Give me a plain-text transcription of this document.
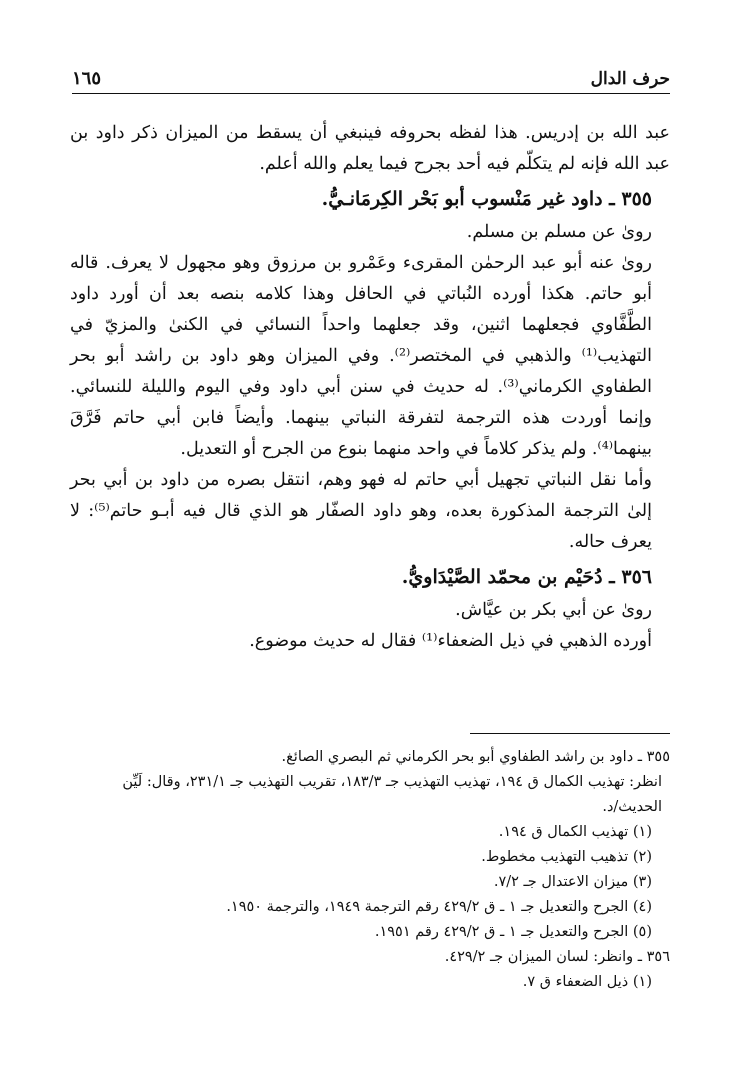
حرف الدال
١٦٥

عبد الله بن إدريس. هذا لفظه بحروفه فينبغي أن يسقط من الميزان ذكر داود بن عبد الله فإنه لم يتكلّم فيه أحد بجرح فيما يعلم والله أعلم.

٣٥٥ ـ داود غير مَنْسوب أبو بَحْر الكِرمَانـيُّ.

روىٰ عن مسلم بن مسلم.

روىٰ عنه أبو عبد الرحمٰن المقرىء وعَمْرو بن مرزوق وهو مجهول لا يعرف. قاله أبو حاتم. هكذا أورده النُباتي في الحافل وهذا كلامه بنصه بعد أن أورد داود الطَّفَّاوي فجعلهما اثنين، وقد جعلهما واحداً النسائي في الكنىٰ والمزيّ في التهذيب⁽¹⁾ والذهبي في المختصر⁽²⁾. وفي الميزان وهو داود بن راشد أبو بحر الطفاوي الكرماني⁽³⁾. له حديث في سنن أبي داود وفي اليوم والليلة للنسائي. وإنما أوردت هذه الترجمة لتفرقة النباتي بينهما. وأيضاً فابن أبي حاتم فَرَّقَ بينهما⁽⁴⁾. ولم يذكر كلاماً في واحد منهما بنوع من الجرح أو التعديل.

وأما نقل النباتي تجهيل أبي حاتم له فهو وهم، انتقل بصره من داود بن أبي بحر إلىٰ الترجمة المذكورة بعده، وهو داود الصفّار هو الذي قال فيه أبـو حاتم⁽⁵⁾: لا يعرف حاله.

٣٥٦ ـ دُحَيْم بن محمّد الصَّيْدَاويُّ.

روىٰ عن أبي بكر بن عيَّاش.

أورده الذهبي في ذيل الضعفاء⁽¹⁾ فقال له حديث موضوع.

٣٥٥ ـ داود بن راشد الطفاوي أبو بحر الكرماني ثم البصري الصائغ.

انظر: تهذيب الكمال ق ١٩٤، تهذيب التهذيب جـ ١٨٣/٣، تقريب التهذيب جـ ٢٣١/١، وقال: لَيِّن الحديث/د.

(١) تهذيب الكمال ق ١٩٤.

(٢) تذهيب التهذيب مخطوط.

(٣) ميزان الاعتدال جـ ٧/٢.

(٤) الجرح والتعديل جـ ١ ـ ق ٤٢٩/٢ رقم الترجمة ١٩٤٩، والترجمة ١٩٥٠.

(٥) الجرح والتعديل جـ ١ ـ ق ٤٢٩/٢ رقم ١٩٥١.

٣٥٦ ـ وانظر: لسان الميزان جـ ٤٢٩/٢.

(١) ذيل الضعفاء ق ٧.
